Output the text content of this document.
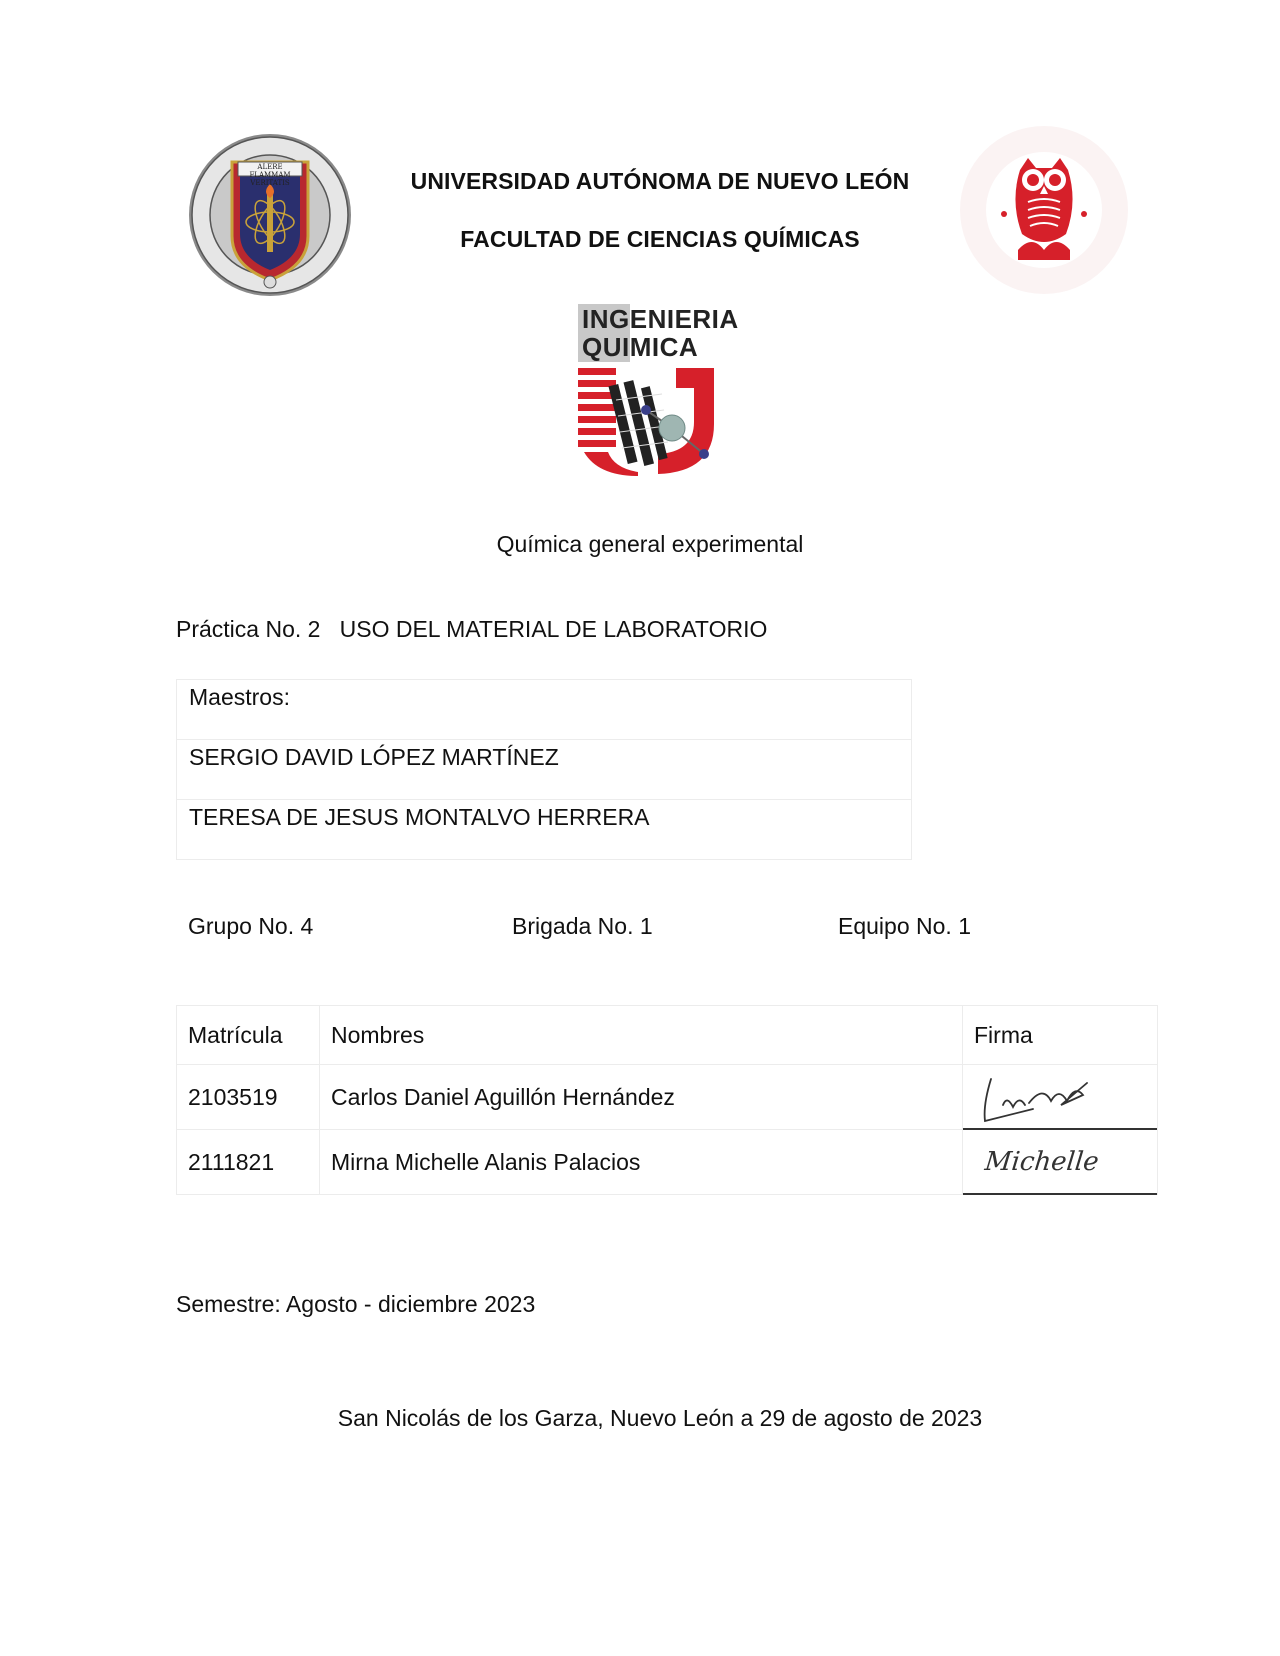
ALERE FLAMMAM
VERITATIS	UNIVERSIDAD AUTÓNOMA DE NUEVO LEÓN
FACULTAD DE CIENCIAS QUÍMICAS
INGENIERIA
QUIMICA
Química general experimental
Práctica No. 2 USO DEL MATERIAL DE LABORATORIO
Maestros:
SERGIO DAVID LÓPEZ MARTÍNEZ
TERESA DE JESUS MONTALVO HERRERA
Grupo No. 4	Brigada No. 1	Equipo No. 1
Matrícula	Nombres	Firma
2103519	Carlos Daniel Aguillón Hernández	

2111821	Mirna Michelle Alanis Palacios	Michelle
Semestre: Agosto - diciembre 2023
San Nicolás de los Garza, Nuevo León a 29 de agosto de 2023
